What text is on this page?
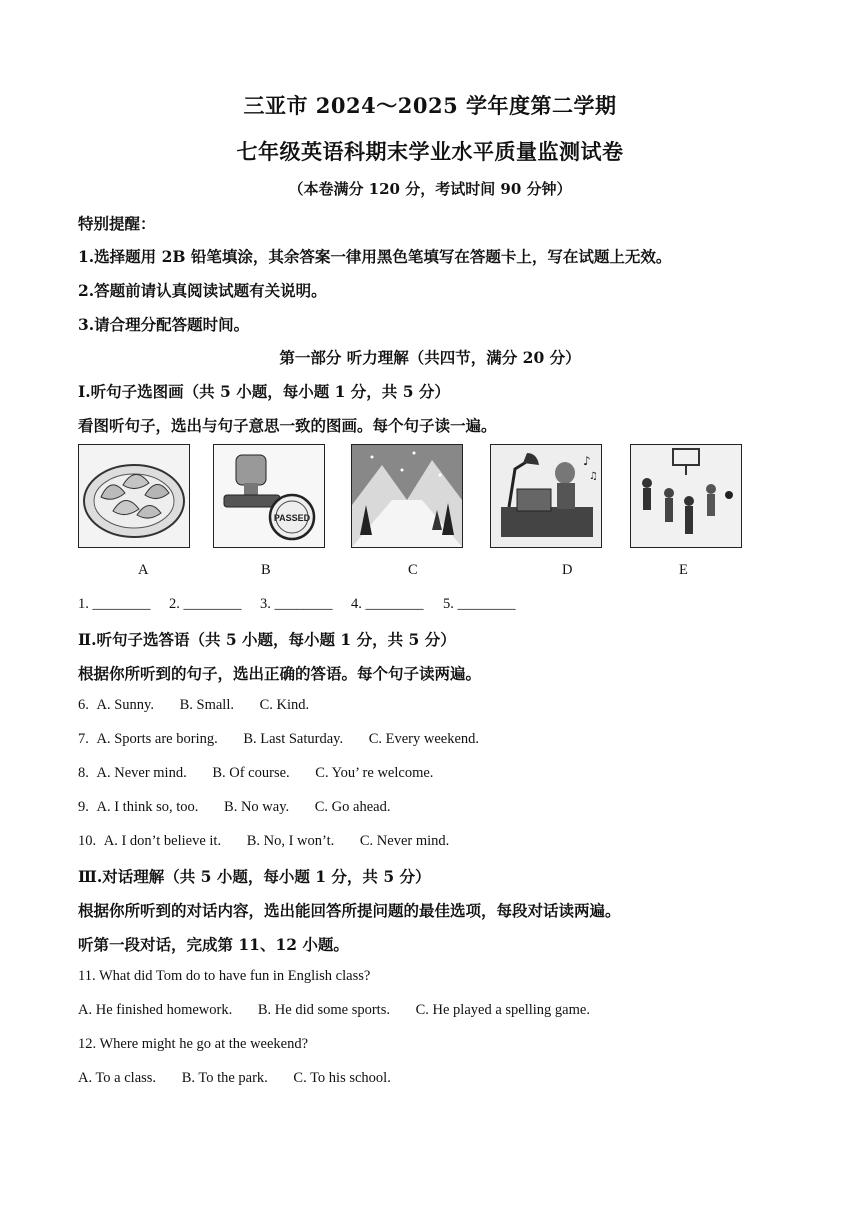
三亚市 2024～2025 学年度第二学期
七年级英语科期末学业水平质量监测试卷
（本卷满分 120 分，考试时间 90 分钟）
特别提醒：
1.选择题用 2B 铅笔填涂，其余答案一律用黑色笔填写在答题卡上，写在试题上无效。
2.答题前请认真阅读试题有关说明。
3.请合理分配答题时间。
第一部分 听力理解（共四节，满分 20 分）
Ⅰ.听句子选图画（共 5 小题，每小题 1 分，共 5 分）
看图听句子，选出与句子意思一致的图画。每个句子读一遍。
PASSED
♪
♫
A	B	C	D	E
1. ________ 2. ________ 3. ________ 4. ________ 5. ________
Ⅱ.听句子选答语（共 5 小题，每小题 1 分，共 5 分）
根据你所听到的句子，选出正确的答语。每个句子读两遍。
6. A. Sunny. B. Small. C. Kind.
7. A. Sports are boring. B. Last Saturday. C. Every weekend.
8. A. Never mind. B. Of course. C. You’ re welcome.
9. A. I think so, too. B. No way. C. Go ahead.
10. A. I don’t believe it. B. No, I won’t. C. Never mind.
Ⅲ.对话理解（共 5 小题，每小题 1 分，共 5 分）
根据你所听到的对话内容，选出能回答所提问题的最佳选项，每段对话读两遍。
听第一段对话，完成第 11、12 小题。
11. What did Tom do to have fun in English class?
A. He finished homework. B. He did some sports. C. He played a spelling game.
12. Where might he go at the weekend?
A. To a class. B. To the park. C. To his school.
